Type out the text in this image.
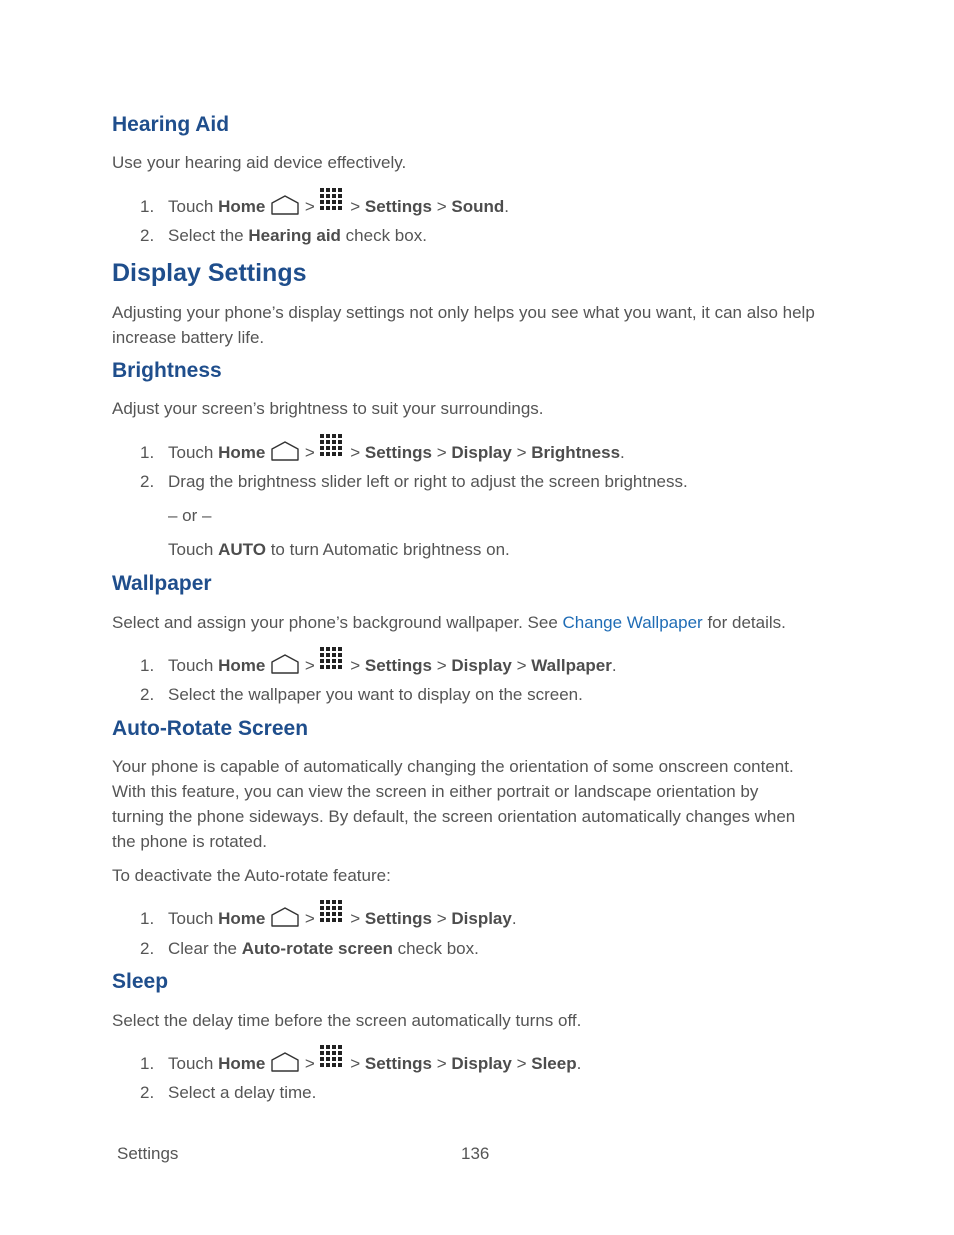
Hearing Aid

Use your hearing aid device effectively.

1. Touch Home > > Settings > Sound.

2. Select the Hearing aid check box.

Display Settings

Adjusting your phone’s display settings not only helps you see what you want, it can also help increase battery life.

Brightness

Adjust your screen’s brightness to suit your surroundings.

1. Touch Home > > Settings > Display > Brightness.

2. Drag the brightness slider left or right to adjust the screen brightness.

– or –

Touch AUTO to turn Automatic brightness on.

Wallpaper

Select and assign your phone’s background wallpaper. See Change Wallpaper for details.

1. Touch Home > > Settings > Display > Wallpaper.

2. Select the wallpaper you want to display on the screen.

Auto-Rotate Screen

Your phone is capable of automatically changing the orientation of some onscreen content. With this feature, you can view the screen in either portrait or landscape orientation by turning the phone sideways. By default, the screen orientation automatically changes when the phone is rotated.

To deactivate the Auto-rotate feature:

1. Touch Home > > Settings > Display.

2. Clear the Auto-rotate screen check box.

Sleep

Select the delay time before the screen automatically turns off.

1. Touch Home > > Settings > Display > Sleep.

2. Select a delay time.

Settings	136
